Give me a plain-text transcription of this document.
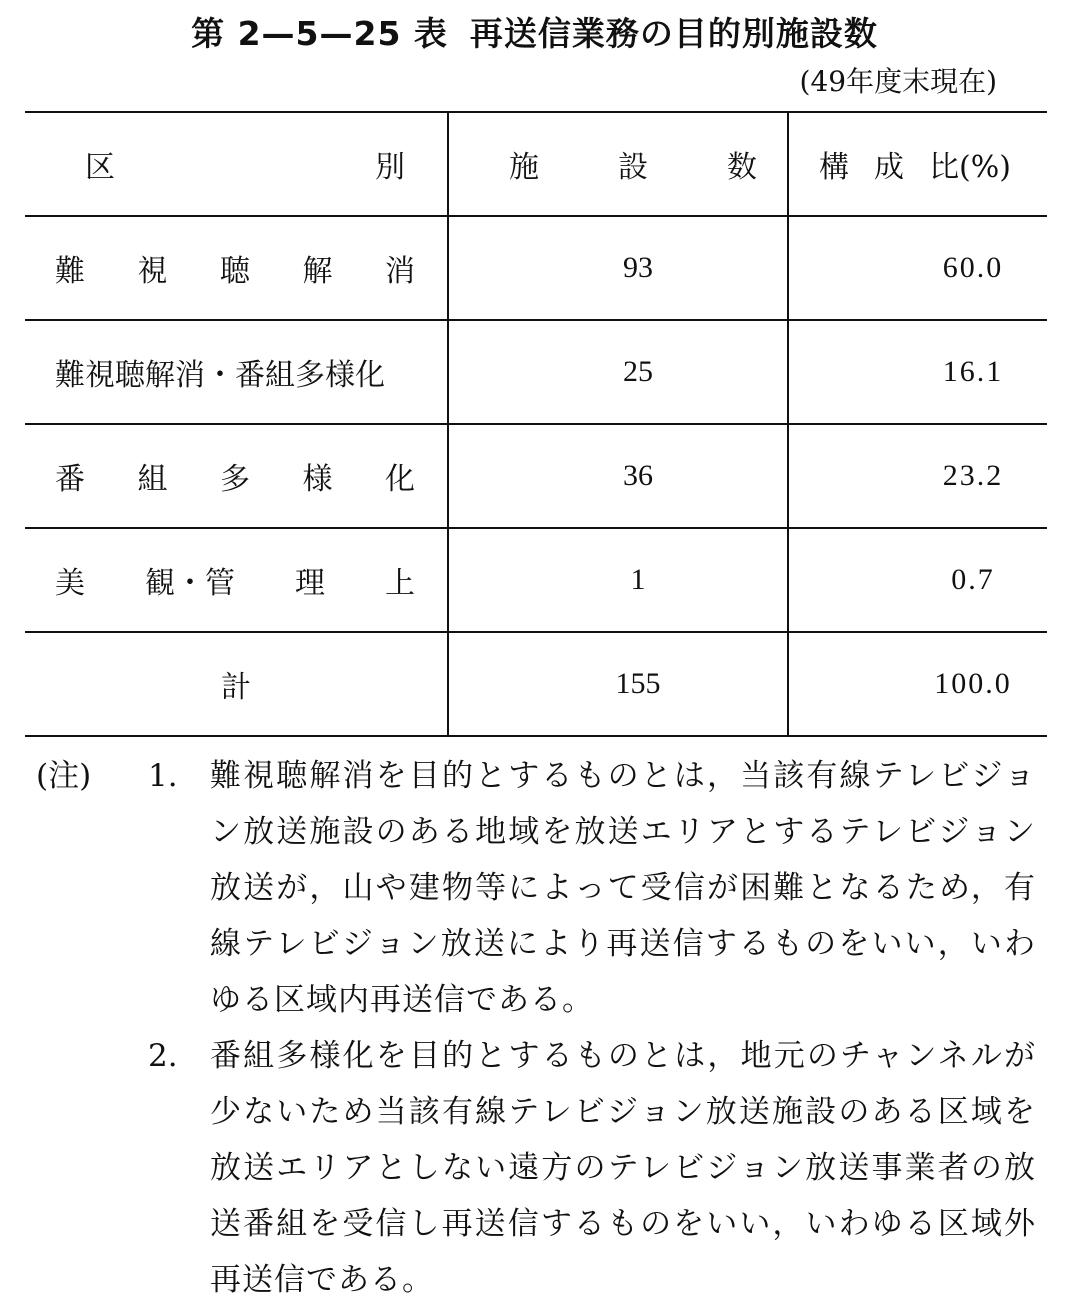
第 2—5—25 表 再送信業務の目的別施設数
(49年度末現在)
区 別	施 設 数	構 成 比(%)

難 視 聴 解 消	93	60.0

難視聴解消・番組多様化	25	16.1

番 組 多 様 化	36	23.2

美 観・管 理 上	1	0.7
計	155	100.0
(注)	1.	難視聴解消を目的とするものとは，当該有線テレビジョン放送施設のある地域を放送エリアとするテレビジョン放送が，山や建物等によって受信が困難となるため，有線テレビジョン放送により再送信するものをいい，いわゆる区域内再送信である。
2.	番組多様化を目的とするものとは，地元のチャンネルが少ないため当該有線テレビジョン放送施設のある区域を放送エリアとしない遠方のテレビジョン放送事業者の放送番組を受信し再送信するものをいい，いわゆる区域外再送信である。
